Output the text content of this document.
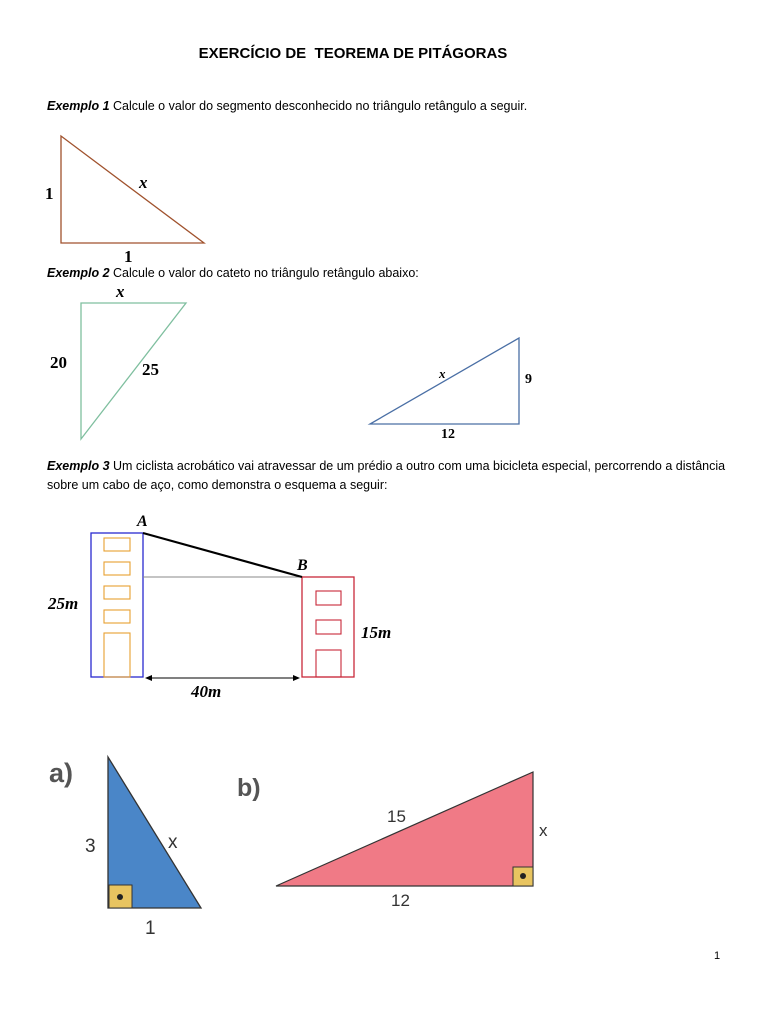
EXERCÍCIO DE  TEOREMA DE PITÁGORAS
Exemplo 1 Calcule o valor do segmento desconhecido no triângulo retângulo a seguir.
Exemplo 2 Calcule o valor do cateto no triângulo retângulo abaixo:
Exemplo 3 Um ciclista acrobático vai atravessar de um prédio a outro com uma bicicleta especial, percorrendo a distância sobre um cabo de aço, como demonstra o esquema a seguir:
1
1
x
x
20	25	x	9
12
A
B
25m
15m
40m
a)
3	x
1
b)
15
x
12
1
